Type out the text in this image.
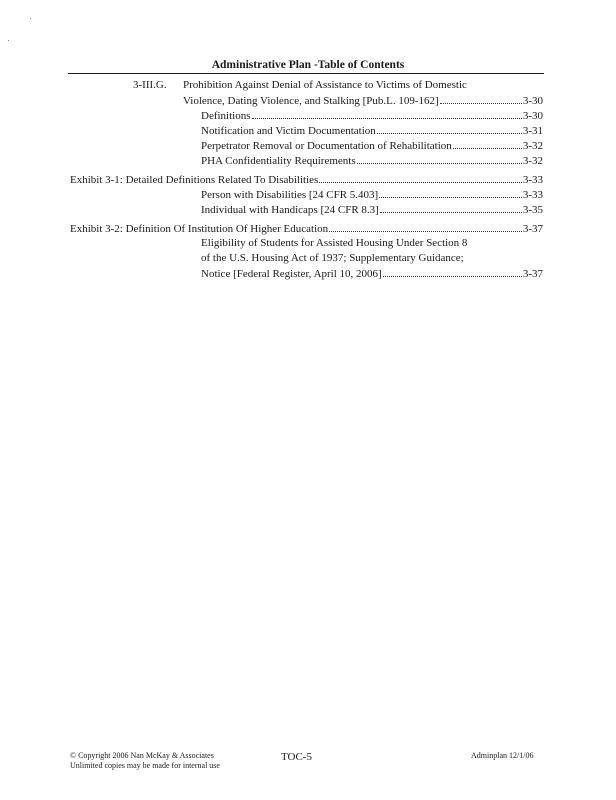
Administrative Plan -Table of Contents
3-III.G. Prohibition Against Denial of Assistance to Victims of Domestic
Violence, Dating Violence, and Stalking [Pub.L. 109-162]	3-30
Definitions	3-30
Notification and Victim Documentation	3-31
Perpetrator Removal or Documentation of Rehabilitation	3-32
PHA Confidentiality Requirements	3-32
Exhibit 3-1: Detailed Definitions Related To Disabilities	3-33
Person with Disabilities [24 CFR 5.403]	3-33
Individual with Handicaps [24 CFR 8.3]	3-35
Exhibit 3-2: Definition Of Institution Of Higher Education	3-37
Eligibility of Students for Assisted Housing Under Section 8
of the U.S. Housing Act of 1937; Supplementary Guidance;
Notice [Federal Register, April 10, 2006]	3-37
© Copyright 2006 Nan McKay & Associates
Unlimited copies may be made for internal use
TOC-5	Adminplan 12/1/06
